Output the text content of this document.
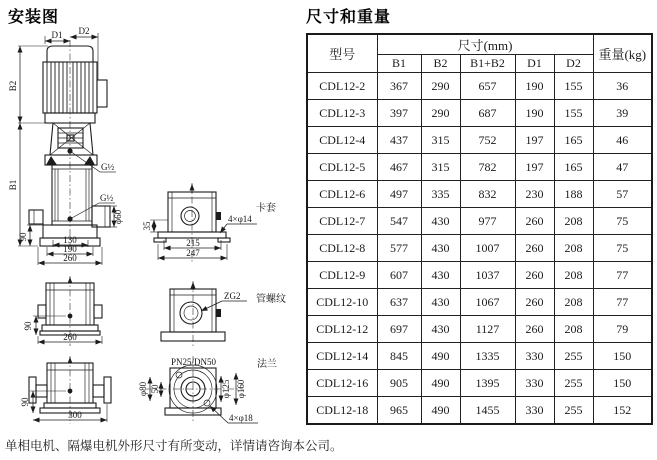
安装图	尺寸和重量
D1 D2
B2
B1
G½
G½
φ60
90	130
190
260
35
4×φ14
215
247
卡套
ZG2 管螺纹
PN25/DN50
50
φ80	φ125 φ160
4×φ18
法兰
90
260
90
300
型号	尺寸(mm)					重量(kg)
	B1	B2	B1+B2	D1	D2	
CDL12-2	367	290	657	190	155	36
CDL12-3	397	290	687	190	155	39
CDL12-4	437	315	752	197	165	46
CDL12-5	467	315	782	197	165	47
CDL12-6	497	335	832	230	188	57
CDL12-7	547	430	977	260	208	75
CDL12-8	577	430	1007	260	208	75
CDL12-9	607	430	1037	260	208	77
CDL12-10	637	430	1067	260	208	77
CDL12-12	697	430	1127	260	208	79
CDL12-14	845	490	1335	330	255	150
CDL12-16	905	490	1395	330	255	150
CDL12-18	965	490	1455	330	255	152
单相电机、隔爆电机外形尺寸有所变动，详情请咨询本公司。
